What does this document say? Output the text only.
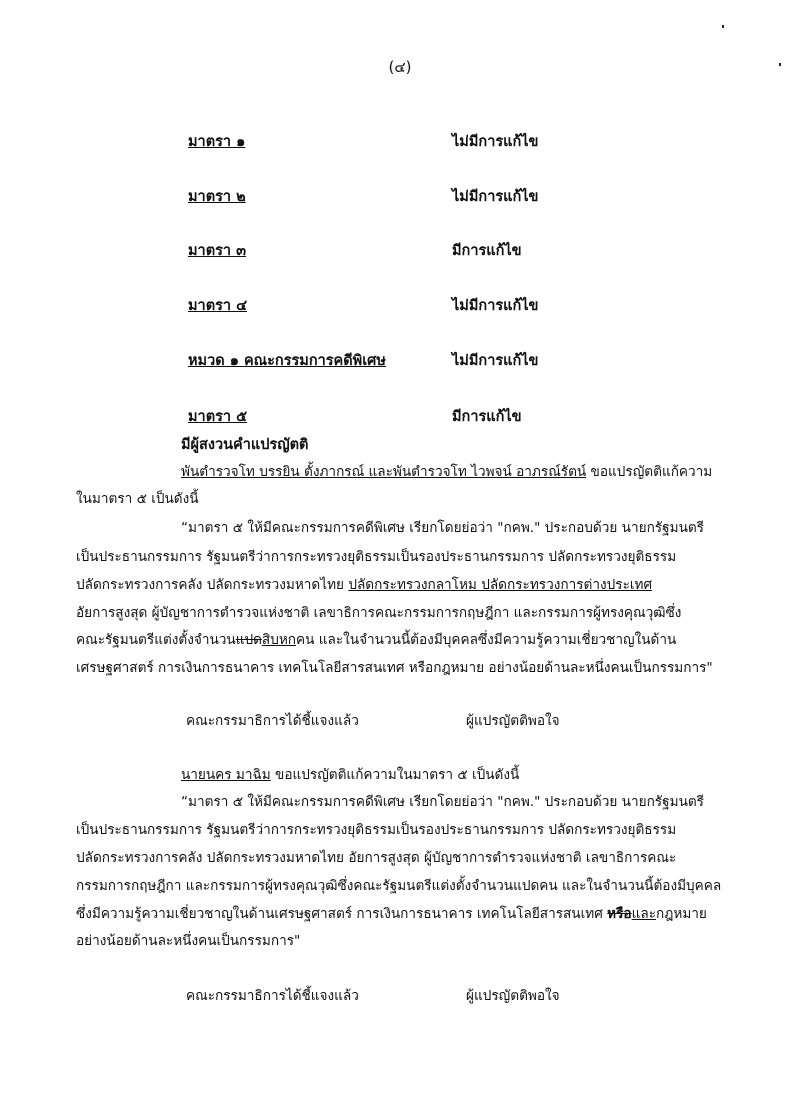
(๔)
มาตรา ๑	ไม่มีการแก้ไข
มาตรา ๒	ไม่มีการแก้ไข
มาตรา ๓	มีการแก้ไข
มาตรา ๔	ไม่มีการแก้ไข
หมวด ๑ คณะกรรมการคดีพิเศษ	ไม่มีการแก้ไข
มาตรา ๕	มีการแก้ไข
มีผู้สงวนคำแปรญัตติ
พันตำรวจโท บรรยิน ตั้งภากรณ์ และพันตำรวจโท ไวพจน์ อาภรณ์รัตน์ ขอแปรญัตติแก้ความ
ในมาตรา ๕ เป็นดังนี้
“มาตรา ๕ ให้มีคณะกรรมการคดีพิเศษ เรียกโดยย่อว่า "กคพ." ประกอบด้วย นายกรัฐมนตรี
เป็นประธานกรรมการ รัฐมนตรีว่าการกระทรวงยุติธรรมเป็นรองประธานกรรมการ ปลัดกระทรวงยุติธรรม
ปลัดกระทรวงการคลัง ปลัดกระทรวงมหาดไทย ปลัดกระทรวงกลาโหม ปลัดกระทรวงการต่างประเทศ
อัยการสูงสุด ผู้บัญชาการตำรวจแห่งชาติ เลขาธิการคณะกรรมการกฤษฎีกา และกรรมการผู้ทรงคุณวุฒิซึ่ง
คณะรัฐมนตรีแต่งตั้งจำนวนแปดสิบหกคน และในจำนวนนี้ต้องมีบุคคลซึ่งมีความรู้ความเชี่ยวชาญในด้าน
เศรษฐศาสตร์ การเงินการธนาคาร เทคโนโลยีสารสนเทศ หรือกฎหมาย อย่างน้อยด้านละหนึ่งคนเป็นกรรมการ"
คณะกรรมาธิการได้ชี้แจงแล้ว	ผู้แปรญัตติพอใจ
นายนคร มาฉิม ขอแปรญัตติแก้ความในมาตรา ๕ เป็นดังนี้
“มาตรา ๕ ให้มีคณะกรรมการคดีพิเศษ เรียกโดยย่อว่า "กคพ." ประกอบด้วย นายกรัฐมนตรี
เป็นประธานกรรมการ รัฐมนตรีว่าการกระทรวงยุติธรรมเป็นรองประธานกรรมการ ปลัดกระทรวงยุติธรรม
ปลัดกระทรวงการคลัง ปลัดกระทรวงมหาดไทย อัยการสูงสุด ผู้บัญชาการตำรวจแห่งชาติ เลขาธิการคณะ
กรรมการกฤษฎีกา และกรรมการผู้ทรงคุณวุฒิซึ่งคณะรัฐมนตรีแต่งตั้งจำนวนแปดคน และในจำนวนนี้ต้องมีบุคคล
ซึ่งมีความรู้ความเชี่ยวชาญในด้านเศรษฐศาสตร์ การเงินการธนาคาร เทคโนโลยีสารสนเทศ หรือและกฎหมาย
อย่างน้อยด้านละหนึ่งคนเป็นกรรมการ"
คณะกรรมาธิการได้ชี้แจงแล้ว	ผู้แปรญัตติพอใจ
